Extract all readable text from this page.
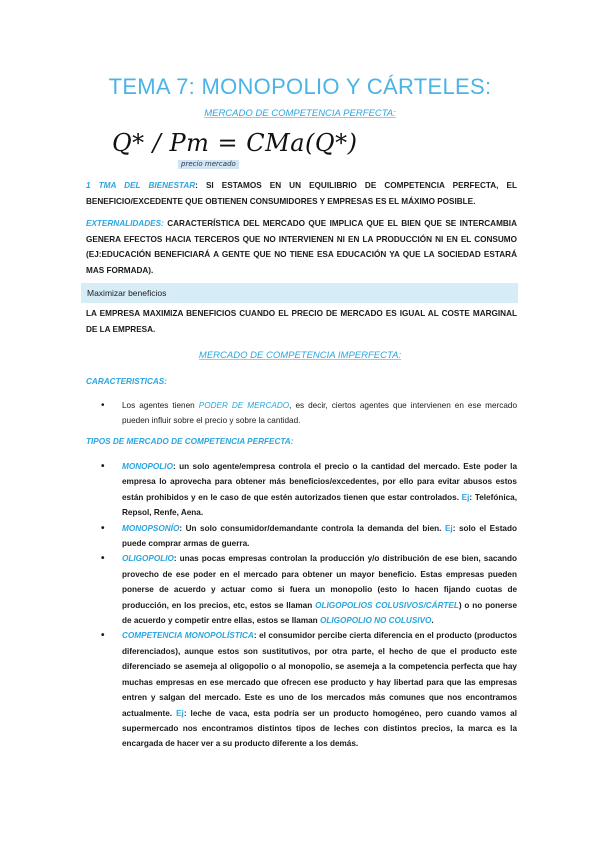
TEMA 7: MONOPOLIO Y CÁRTELES:
MERCADO DE COMPETENCIA PERFECTA:
Q* / Pm = CMa(Q*)
precio mercado
1 TMA DEL BIENESTAR: SI ESTAMOS EN UN EQUILIBRIO DE COMPETENCIA PERFECTA, EL BENEFICIO/EXCEDENTE QUE OBTIENEN CONSUMIDORES Y EMPRESAS ES EL MÁXIMO POSIBLE.
EXTERNALIDADES: CARACTERÍSTICA DEL MERCADO QUE IMPLICA QUE EL BIEN QUE SE INTERCAMBIA GENERA EFECTOS HACIA TERCEROS QUE NO INTERVIENEN NI EN LA PRODUCCIÓN NI EN EL CONSUMO (EJ:EDUCACIÓN BENEFICIARÁ A GENTE QUE NO TIENE ESA EDUCACIÓN YA QUE LA SOCIEDAD ESTARÁ MAS FORMADA).
Maximizar beneficios
LA EMPRESA MAXIMIZA BENEFICIOS CUANDO EL PRECIO DE MERCADO ES IGUAL AL COSTE MARGINAL DE LA EMPRESA.
MERCADO DE COMPETENCIA IMPERFECTA:
CARACTERISTICAS:
• Los agentes tienen PODER DE MERCADO, es decir, ciertos agentes que intervienen en ese mercado pueden influir sobre el precio y sobre la cantidad.
TIPOS DE MERCADO DE COMPETENCIA PERFECTA:
• MONOPOLIO: un solo agente/empresa controla el precio o la cantidad del mercado. Este poder la empresa lo aprovecha para obtener más beneficios/excedentes, por ello para evitar abusos estos están prohibidos y en le caso de que estén autorizados tienen que estar controlados. Ej: Telefónica, Repsol, Renfe, Aena.
• MONOPSONÍO: Un solo consumidor/demandante controla la demanda del bien. Ej: solo el Estado puede comprar armas de guerra.
• OLIGOPOLIO: unas pocas empresas controlan la producción y/o distribución de ese bien, sacando provecho de ese poder en el mercado para obtener un mayor beneficio. Estas empresas pueden ponerse de acuerdo y actuar como si fuera un monopolio (esto lo hacen fijando cuotas de producción, en los precios, etc, estos se llaman OLIGOPOLIOS COLUSIVOS/CÁRTEL) o no ponerse de acuerdo y competir entre ellas, estos se llaman OLIGOPOLIO NO COLUSIVO.
• COMPETENCIA MONOPOLÍSTICA: el consumidor percibe cierta diferencia en el producto (productos diferenciados), aunque estos son sustitutivos, por otra parte, el hecho de que el producto este diferenciado se asemeja al oligopolio o al monopolio, se asemeja a la competencia perfecta que hay muchas empresas en ese mercado que ofrecen ese producto y hay libertad para que las empresas entren y salgan del mercado. Este es uno de los mercados más comunes que nos encontramos actualmente. Ej: leche de vaca, esta podría ser un producto homogéneo, pero cuando vamos al supermercado nos encontramos distintos tipos de leches con distintos precios, la marca es la encargada de hacer ver a su producto diferente a los demás.
